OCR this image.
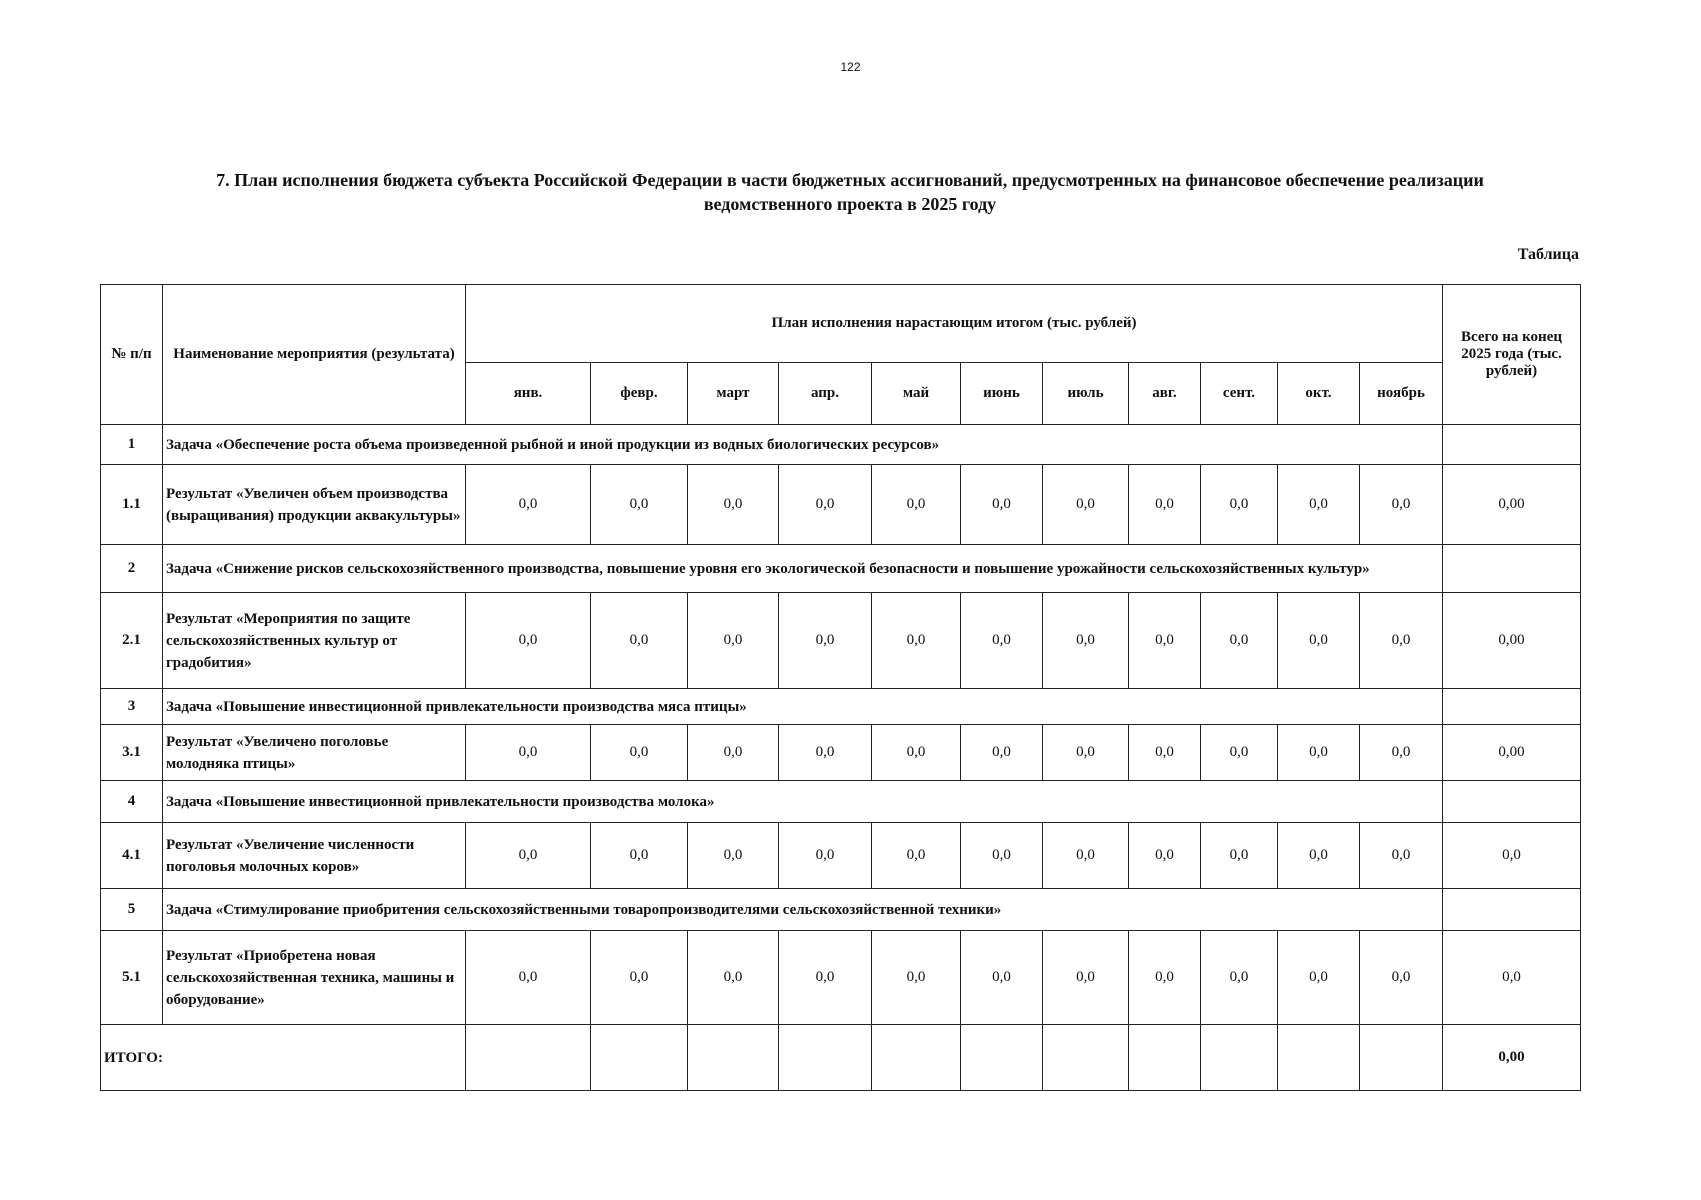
122
7. План исполнения бюджета субъекта Российской Федерации в части бюджетных ассигнований, предусмотренных на финансовое обеспечение реализации
ведомственного проекта в 2025 году
Таблица
№ п/п	Наименование мероприятия (результата)	План исполнения нарастающим итогом (тыс. рублей)											Всего на конец 2025 года (тыс. рублей)
		янв.	февр.	март	апр.	май	июнь	июль	авг.	сент.	окт.	ноябрь	
1	Задача «Обеспечение роста объема произведенной рыбной и иной продукции из водных биологических ресурсов»												
1.1	Результат «Увеличен объем производства (выращивания) продукции аквакультуры»	0,0	0,0	0,0	0,0	0,0	0,0	0,0	0,0	0,0	0,0	0,0	0,00
2	Задача «Снижение рисков сельскохозяйственного производства, повышение уровня его экологической безопасности и повышение урожайности сельскохозяйственных культур»												
2.1	Результат «Мероприятия по защите сельскохозяйственных культур от градобития»	0,0	0,0	0,0	0,0	0,0	0,0	0,0	0,0	0,0	0,0	0,0	0,00
3	Задача «Повышение инвестиционной привлекательности производства мяса птицы»												
3.1	Результат «Увеличено поголовье молодняка птицы»	0,0	0,0	0,0	0,0	0,0	0,0	0,0	0,0	0,0	0,0	0,0	0,00
4	Задача «Повышение инвестиционной привлекательности производства молока»												
4.1	Результат «Увеличение численности поголовья молочных коров»	0,0	0,0	0,0	0,0	0,0	0,0	0,0	0,0	0,0	0,0	0,0	0,0
5	Задача «Стимулирование приобритения сельскохозяйственными товаропроизводителями сельскохозяйственной техники»												
5.1	Результат «Приобретена новая сельскохозяйственная техника, машины и оборудование»	0,0	0,0	0,0	0,0	0,0	0,0	0,0	0,0	0,0	0,0	0,0	0,0
ИТОГО:													0,00
